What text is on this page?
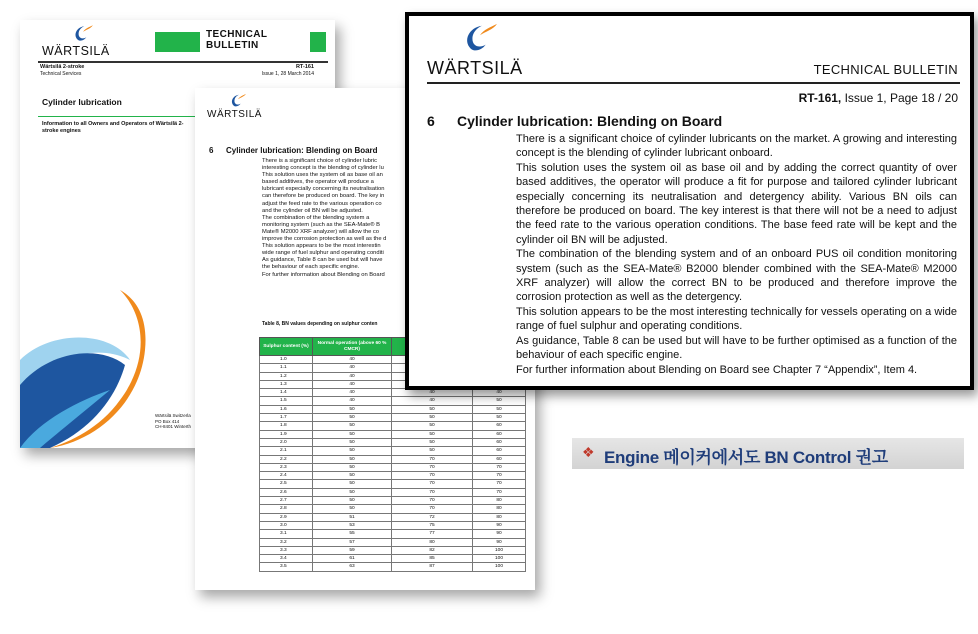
WÄRTSILÄ
TECHNICAL BULLETIN
Wärtsilä 2-stroke
Technical Services
RT-161
Issue 1, 28 March 2014
Cylinder lubrication
Information to all Owners and Operators of Wärtsilä 2-stroke engines
Wärtsilä Switzerla
PO Box 414
CH-8401 Winterth
WÄRTSILÄ
6 Cylinder lubrication: Blending on Board

There is a significant choice of cylinder lubric

interesting concept is the blending of cylinder lu

This solution uses the system oil as base oil an

based additives, the operator will produce a

lubricant especially concerning its neutralisation

can therefore be produced on board. The key in

adjust the feed rate to the various operation co

and the cylinder oil BN will be adjusted.

The combination of the blending system a

monitoring system (such as the SEA-Mate® B

Mate® M2000 XRF analyzer) will allow the co

improve the corrosion protection as well as the d

This solution appears to be the most interestin

wide range of fuel sulphur and operating conditi

As guidance, Table 8 can be used but will have

the behaviour of each specific engine.

For further information about Blending on Board

Table 8, BN values depending on sulphur conten
Sulphur content (%)	Normal operation (above 60 % CMCR)		
1.0	40		
1.1	40		
1.2	40		
1.3	40		
1.4	40	40	40
1.5	40	40	50
1.6	50	50	50
1.7	50	50	50
1.8	50	50	60
1.9	50	50	60
2.0	50	50	60
2.1	50	50	60
2.2	50	70	60
2.3	50	70	70
2.4	50	70	70
2.5	50	70	70
2.6	50	70	70
2.7	50	70	80
2.8	50	70	80
2.9	51	72	80
3.0	53	75	90
3.1	55	77	90
3.2	57	80	90
3.3	59	82	100
3.4	61	85	100
3.5	63	87	100
WÄRTSILÄ	TECHNICAL BULLETIN
RT-161, Issue 1, Page 18 / 20
6 Cylinder lubrication: Blending on Board

There is a significant choice of cylinder lubricants on the market. A growing and interesting concept is the blending of cylinder lubricant onboard.

This solution uses the system oil as base oil and by adding the correct quantity of over based additives, the operator will produce a fit for purpose and tailored cylinder lubricant especially concerning its neutralisation and detergency ability. Various BN oils can therefore be produced on board. The key interest is that there will not be a need to adjust the feed rate to the various operation conditions. The base feed rate will be kept and the cylinder oil BN will be adjusted.

The combination of the blending system and of an onboard PUS oil condition monitoring system (such as the SEA-Mate® B2000 blender combined with the SEA-Mate® M2000 XRF analyzer) will allow the correct BN to be produced and therefore improve the corrosion protection as well as the detergency.

This solution appears to be the most interesting technically for vessels operating on a wide range of fuel sulphur and operating conditions.

As guidance, Table 8 can be used but will have to be further optimised as a function of the behaviour of each specific engine.

For further information about Blending on Board see Chapter 7 “Appendix”, Item 4.

❖ Engine 메이커에서도 BN Control 권고
